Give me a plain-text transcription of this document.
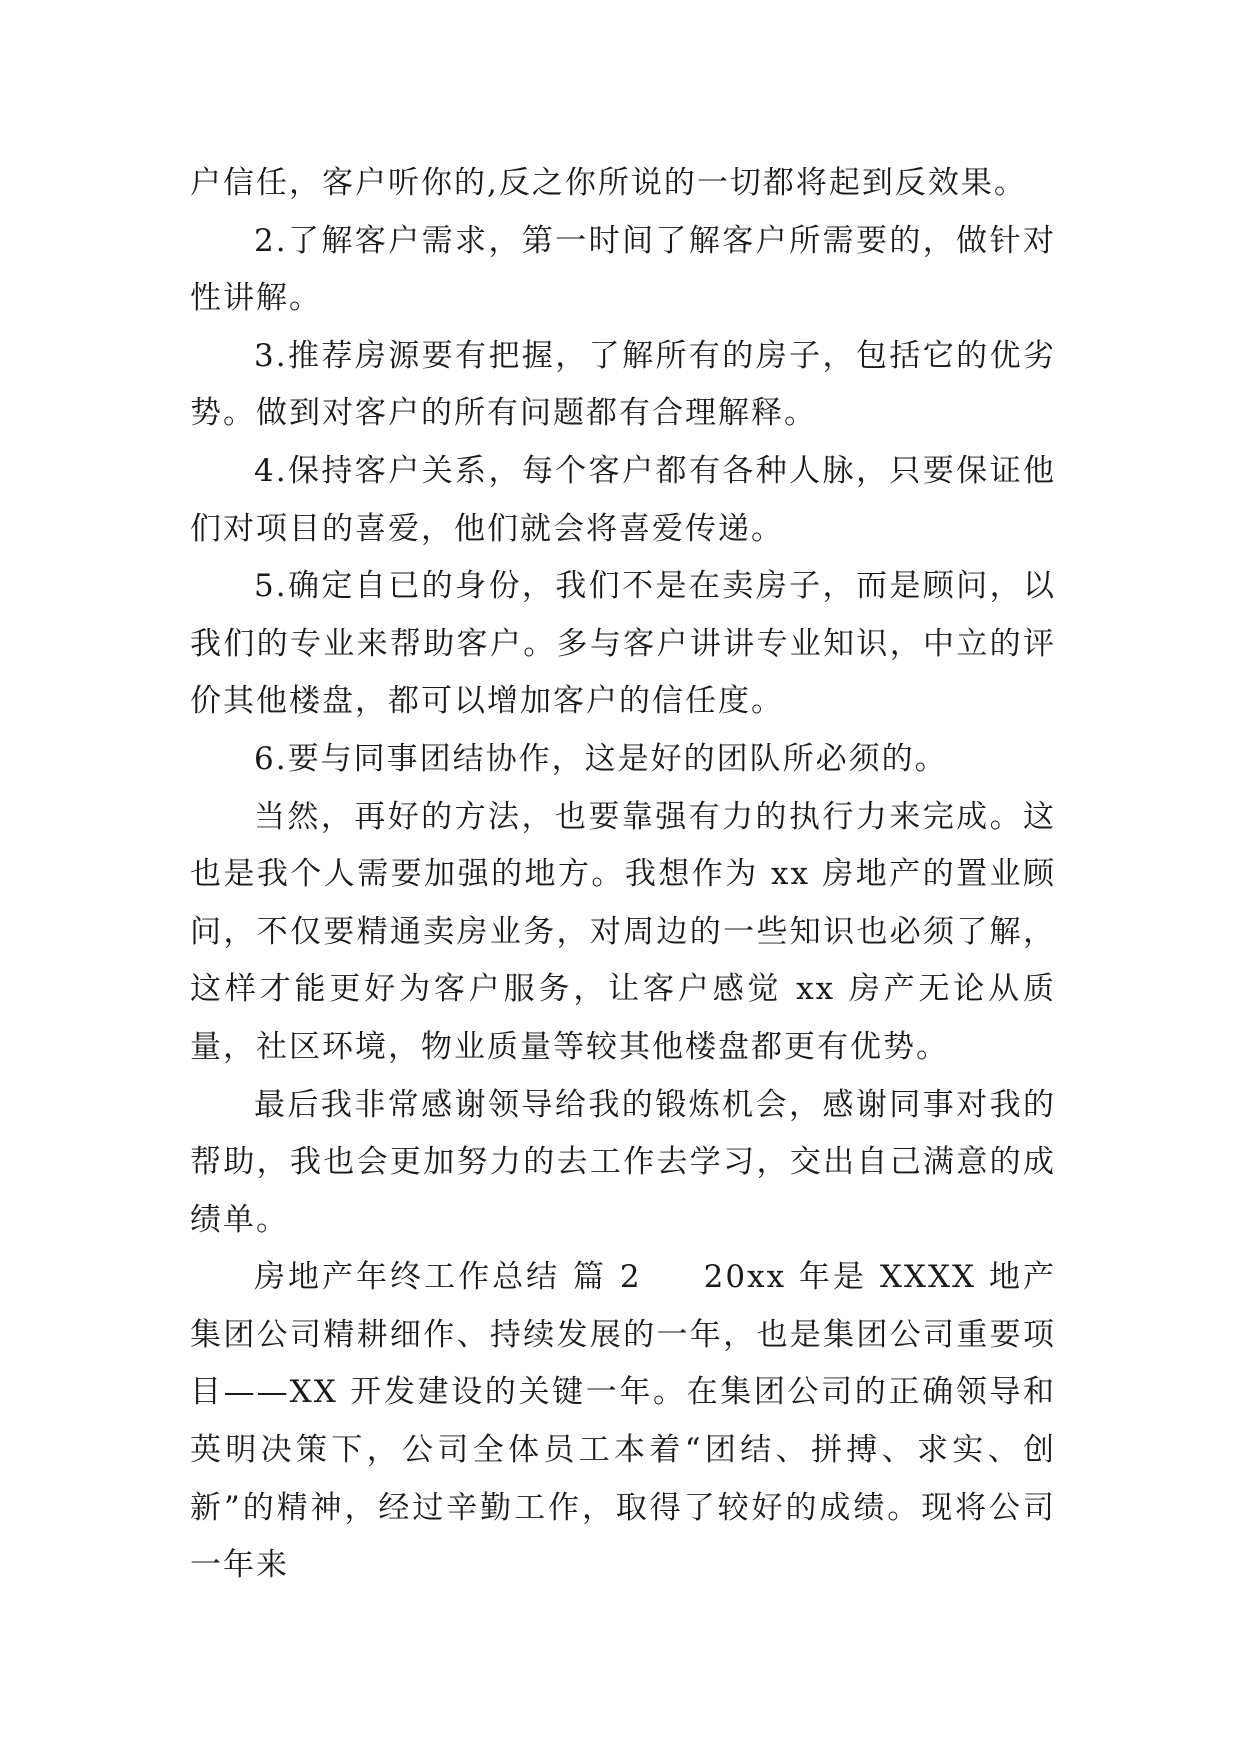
户信任，客户听你的,反之你所说的一切都将起到反效果。

2.了解客户需求，第一时间了解客户所需要的，做针对性讲解。

3.推荐房源要有把握，了解所有的房子，包括它的优劣势。做到对客户的所有问题都有合理解释。

4.保持客户关系，每个客户都有各种人脉，只要保证他们对项目的喜爱，他们就会将喜爱传递。

5.确定自已的身份，我们不是在卖房子，而是顾问，以我们的专业来帮助客户。多与客户讲讲专业知识，中立的评价其他楼盘，都可以增加客户的信任度。

6.要与同事团结协作，这是好的团队所必须的。

当然，再好的方法，也要靠强有力的执行力来完成。这也是我个人需要加强的地方。我想作为 xx 房地产的置业顾问，不仅要精通卖房业务，对周边的一些知识也必须了解，这样才能更好为客户服务，让客户感觉 xx 房产无论从质量，社区环境，物业质量等较其他楼盘都更有优势。

最后我非常感谢领导给我的锻炼机会，感谢同事对我的帮助，我也会更加努力的去工作去学习，交出自己满意的成绩单。

房地产年终工作总结 篇 2 20xx 年是 XXXX 地产集团公司精耕细作、持续发展的一年，也是集团公司重要项目——XX 开发建设的关键一年。在集团公司的正确领导和英明决策下，公司全体员工本着“团结、拼搏、求实、创新”的精神，经过辛勤工作，取得了较好的成绩。现将公司一年来
